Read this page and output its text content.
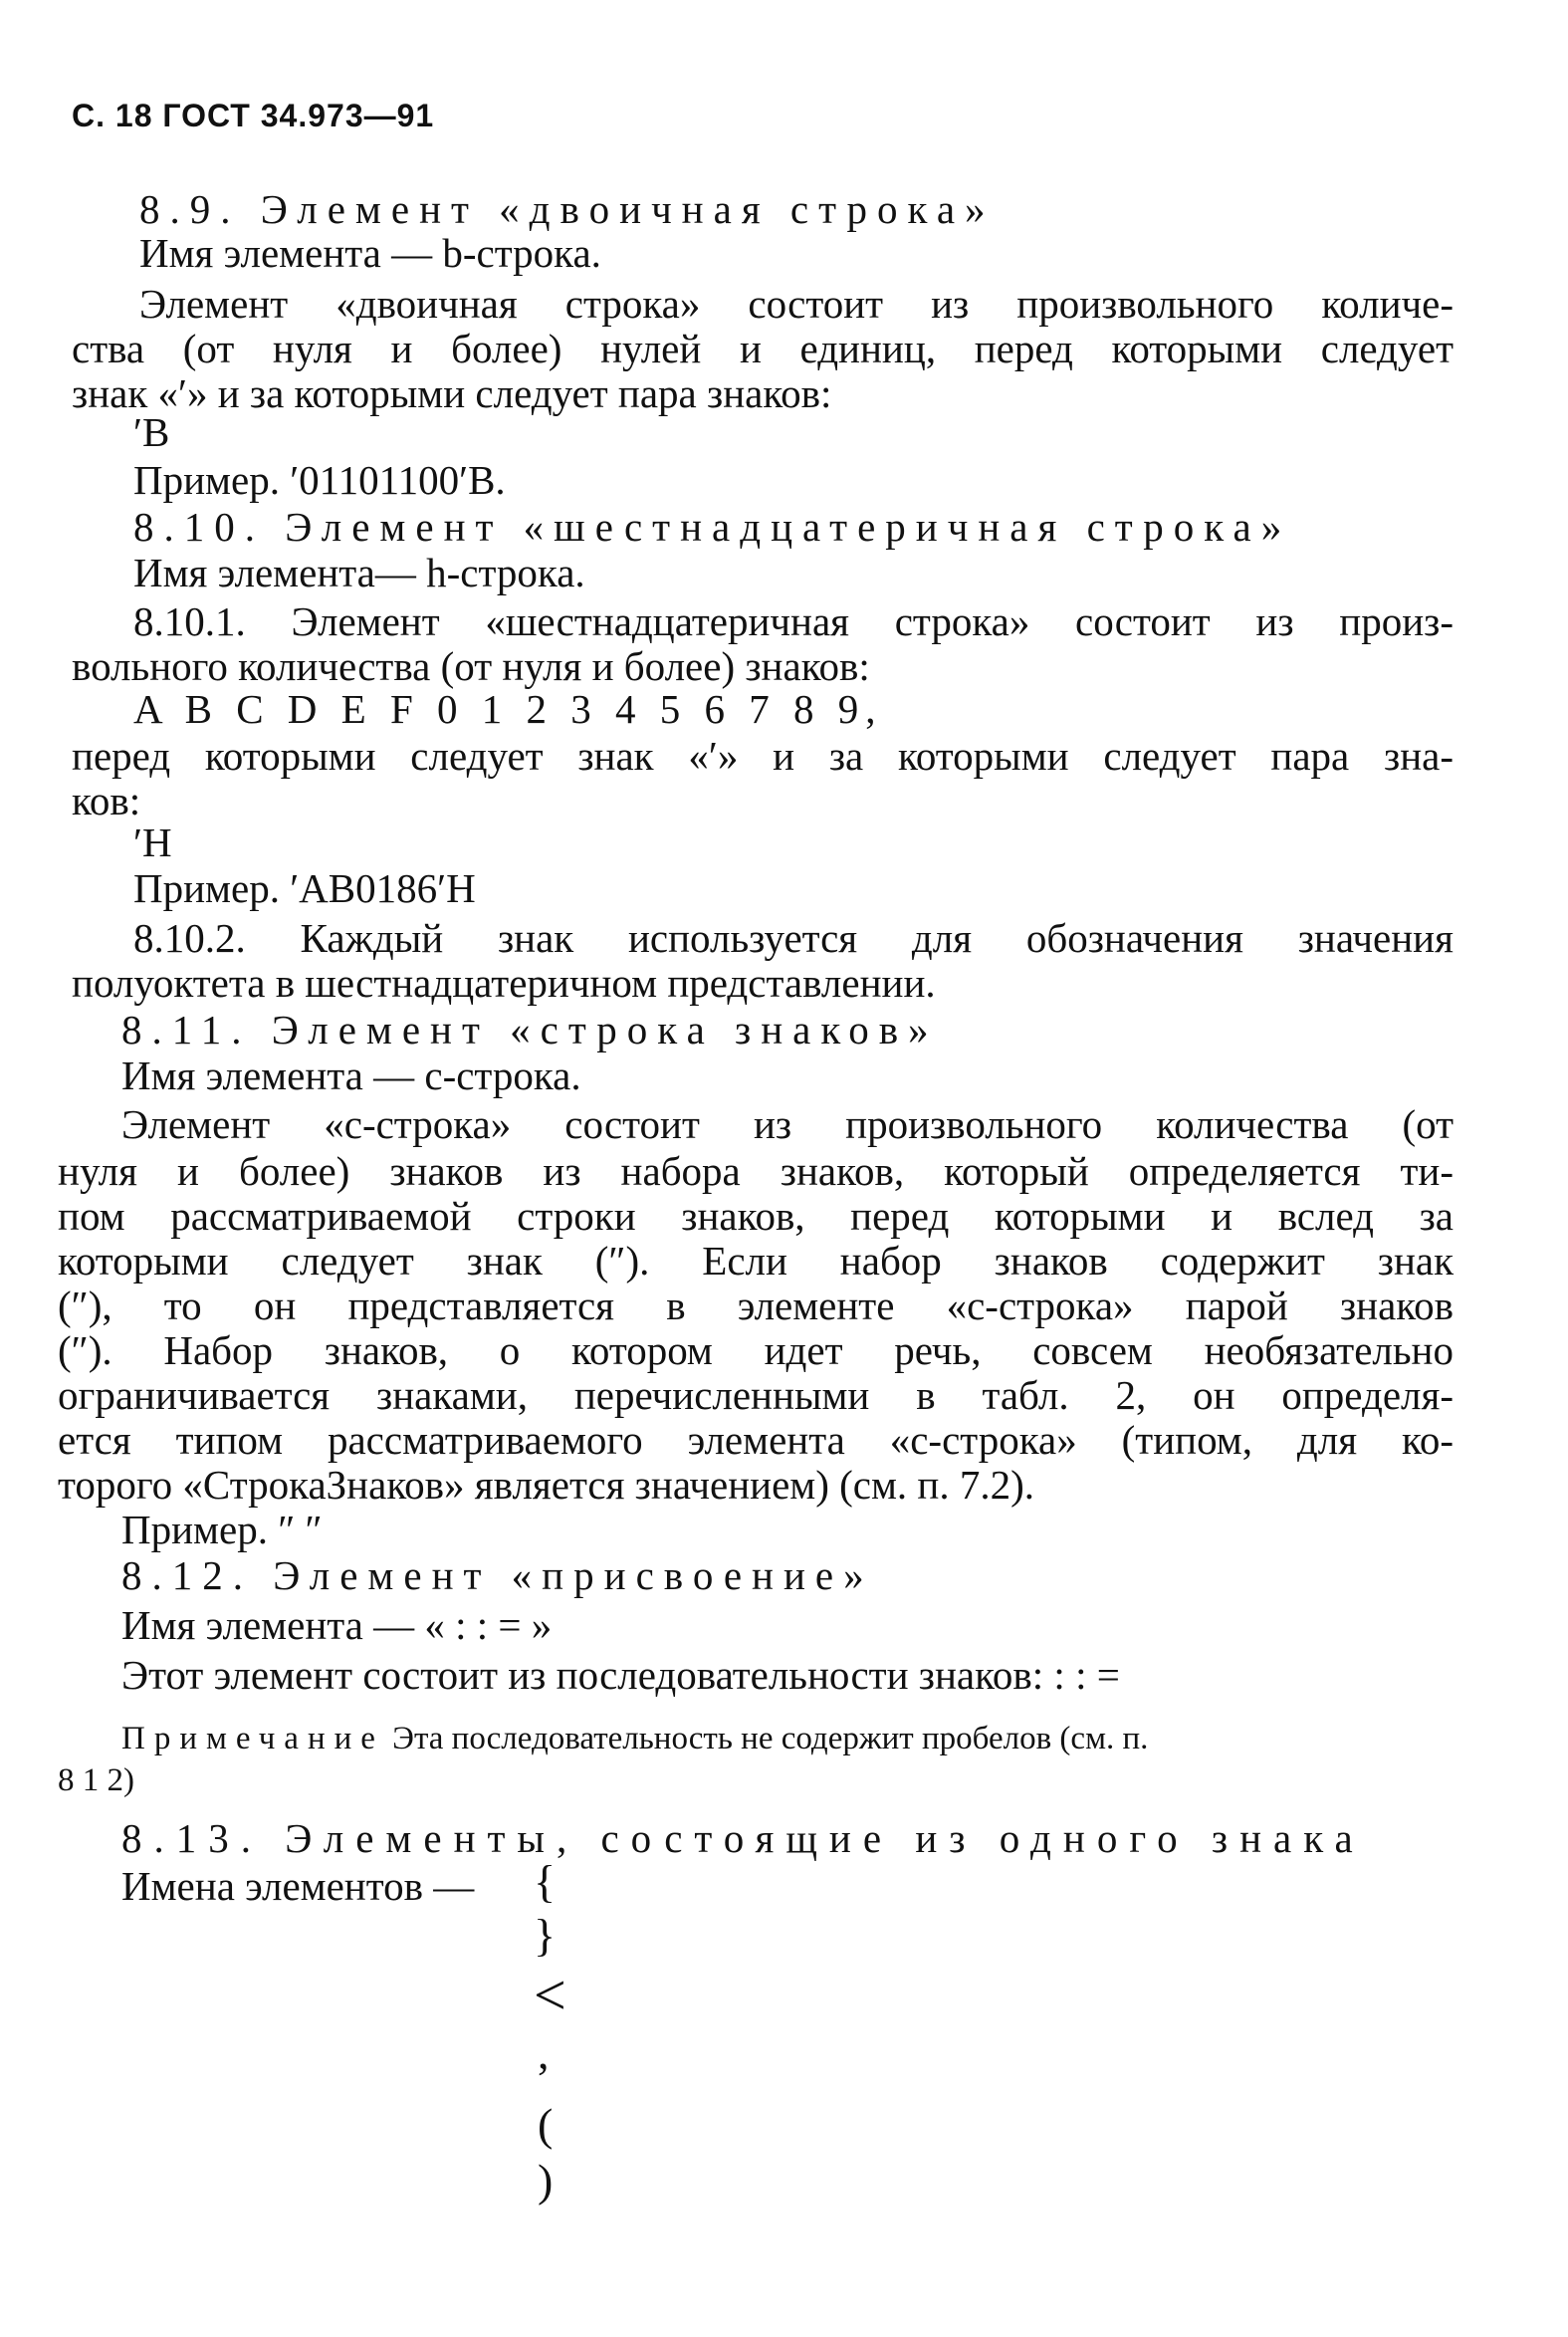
С. 18 ГОСТ 34.973—91
8.9. Элемент «двоичная строка»
Имя элемента — b-строка.
Элемент «двоичная строка» состоит из произвольного количе-
ства (от нуля и более) нулей и единиц, перед которыми следует
знак «′» и за которыми следует пара знаков:
′B
Пример. ′01101100′B.
8.10. Элемент «шестнадцатеричная строка»
Имя элемента— h-строка.
8.10.1. Элемент «шестнадцатеричная строка» состоит из произ-
вольного количества (от нуля и более) знаков:
A B C D E F 0 1 2 3 4 5 6 7 8 9,
перед которыми следует знак «′» и за которыми следует пара зна-
ков:
′H
Пример. ′AB0186′H
8.10.2. Каждый знак используется для обозначения значения
полуоктета в шестнадцатеричном представлении.
8.11. Элемент «строка знаков»
Имя элемента — c-строка.
Элемент «c-строка» состоит из произвольного количества (от
нуля и более) знаков из набора знаков, который определяется ти-
пом рассматриваемой строки знаков, перед которыми и вслед за
которыми следует знак (″). Если набор знаков содержит знак
(″), то он представляется в элементе «c-строка» парой знаков
(″). Набор знаков, о котором идет речь, совсем необязательно
ограничивается знаками, перечисленными в табл. 2, он определя-
ется типом рассматриваемого элемента «c-строка» (типом, для ко-
торого «СтрокаЗнаков» является значением) (см. п. 7.2).
Пример. ″ ″
8.12. Элемент «присвоение»
Имя элемента — « : : = »
Этот элемент состоит из последовательности знаков: : : =
Примечание Эта последовательность не содержит пробелов (см. п.
8 1 2)
8.13. Элементы, состоящие из одного знака
Имена элементов — {
}
<
,
(
)
